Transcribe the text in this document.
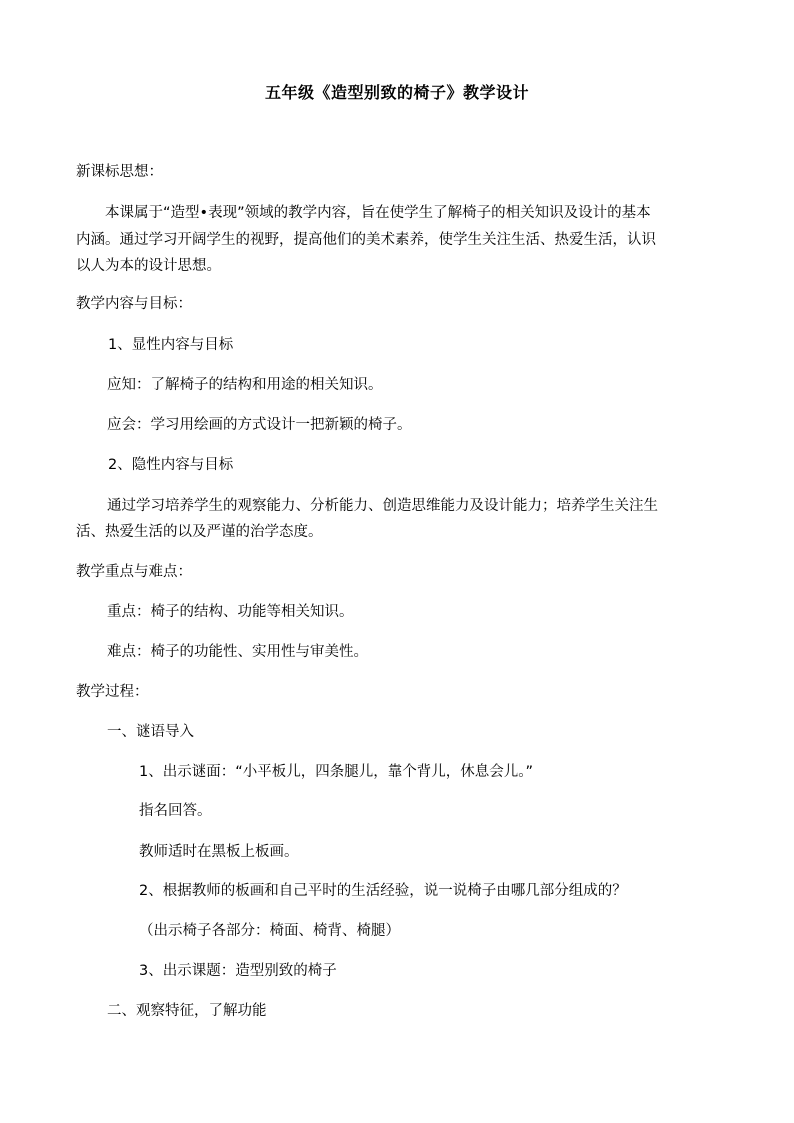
五年级《造型别致的椅子》教学设计
新课标思想：
本课属于“造型•表现”领域的教学内容，旨在使学生了解椅子的相关知识及设计的基本
内涵。通过学习开阔学生的视野，提高他们的美术素养，使学生关注生活、热爱生活，认识
以人为本的设计思想。
教学内容与目标：
1、显性内容与目标
应知：了解椅子的结构和用途的相关知识。
应会：学习用绘画的方式设计一把新颖的椅子。
2、隐性内容与目标
通过学习培养学生的观察能力、分析能力、创造思维能力及设计能力；培养学生关注生
活、热爱生活的以及严谨的治学态度。
教学重点与难点：
重点：椅子的结构、功能等相关知识。
难点：椅子的功能性、实用性与审美性。
教学过程：
一、谜语导入
1、出示谜面：“小平板儿，四条腿儿，靠个背儿，休息会儿。”
指名回答。
教师适时在黑板上板画。
2、根据教师的板画和自己平时的生活经验，说一说椅子由哪几部分组成的？
（出示椅子各部分：椅面、椅背、椅腿）
3、出示课题：造型别致的椅子
二、观察特征，了解功能
